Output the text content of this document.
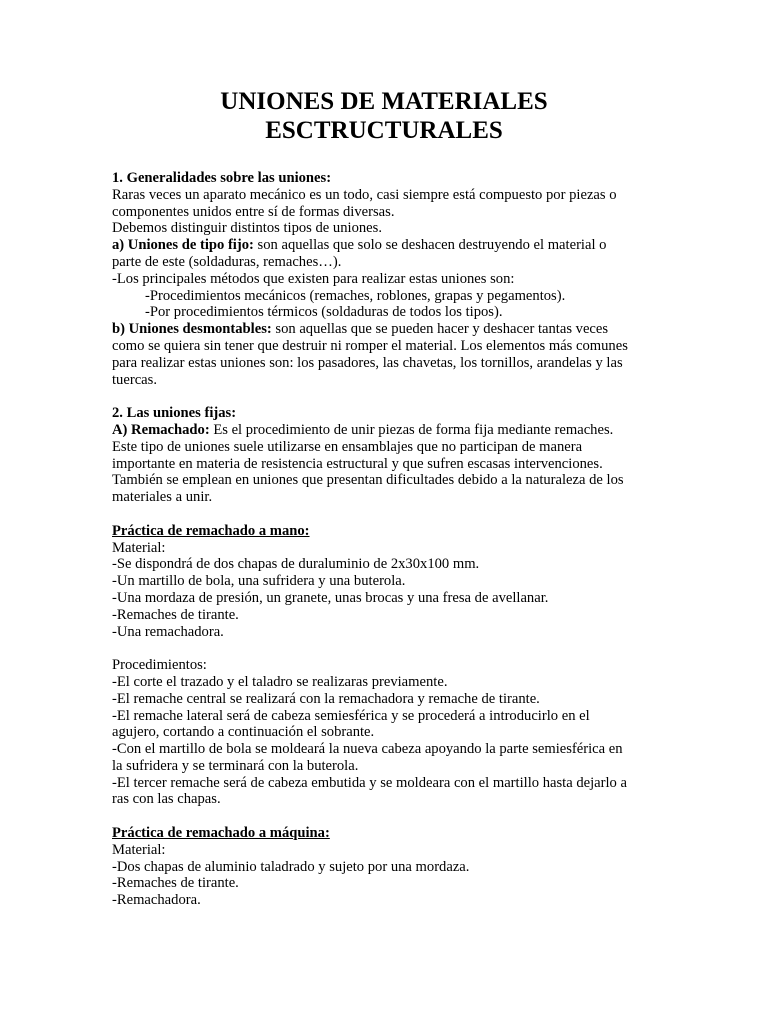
UNIONES DE MATERIALES
ESCTRUCTURALES
1. Generalidades sobre las uniones:
Raras veces un aparato mecánico es un todo, casi siempre está compuesto por piezas o
componentes unidos entre sí de formas diversas.
Debemos distinguir distintos tipos de uniones.
a) Uniones de tipo fijo: son aquellas que solo se deshacen destruyendo el material o
parte de este (soldaduras, remaches…).
-Los principales métodos que existen para realizar estas uniones son:
-Procedimientos mecánicos (remaches, roblones, grapas y pegamentos).
-Por procedimientos térmicos (soldaduras de todos los tipos).
b) Uniones desmontables: son aquellas que se pueden hacer y deshacer tantas veces
como se quiera sin tener que destruir ni romper el material. Los elementos más comunes
para realizar estas uniones son: los pasadores, las chavetas, los tornillos, arandelas y las
tuercas.
2. Las uniones fijas:
A) Remachado: Es el procedimiento de unir piezas de forma fija mediante remaches.
Este tipo de uniones suele utilizarse en ensamblajes que no participan de manera
importante en materia de resistencia estructural y que sufren escasas intervenciones.
También se emplean en uniones que presentan dificultades debido a la naturaleza de los
materiales a unir.
Práctica de remachado a mano:
Material:
-Se dispondrá de dos chapas de duraluminio de 2x30x100 mm.
-Un martillo de bola, una sufridera y una buterola.
-Una mordaza de presión, un granete, unas brocas y una fresa de avellanar.
-Remaches de tirante.
-Una remachadora.
Procedimientos:
-El corte el trazado y el taladro se realizaras previamente.
-El remache central se realizará con la remachadora y remache de tirante.
-El remache lateral será de cabeza semiesférica y se procederá a introducirlo en el
agujero, cortando a continuación el sobrante.
-Con el martillo de bola se moldeará la nueva cabeza apoyando la parte semiesférica en
la sufridera y se terminará con la buterola.
-El tercer remache será de cabeza embutida y se moldeara con el martillo hasta dejarlo a
ras con las chapas.
Práctica de remachado a máquina:
Material:
-Dos chapas de aluminio taladrado y sujeto por una mordaza.
-Remaches de tirante.
-Remachadora.
